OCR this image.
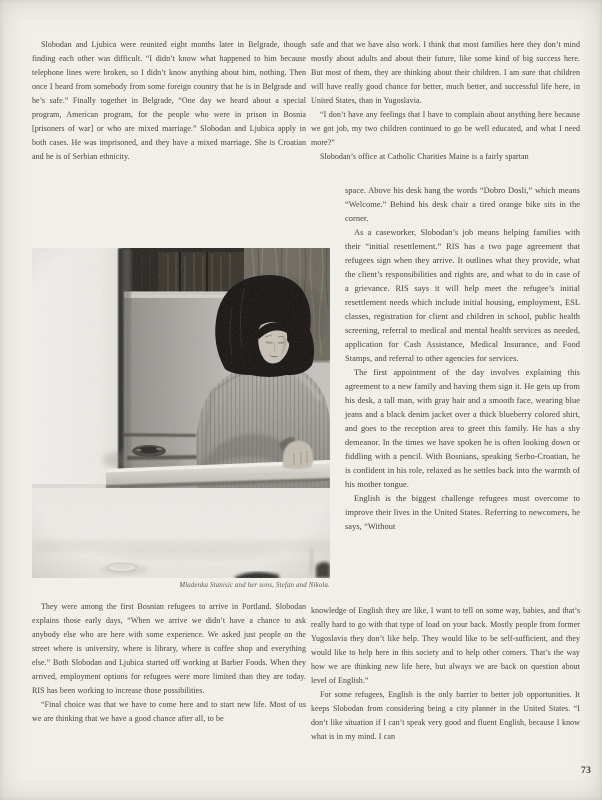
Slobodan and Ljubica were reunited eight months later in Belgrade, though finding each other was difficult. “I didn’t know what happened to him because telephone lines were broken, so I didn’t know anything about him, nothing. Then once I heard from somebody from some foreign country that he is in Belgrade and he’s safe.” Finally together in Belgrade, “One day we heard about a special program, American program, for the people who were in prison in Bosnia [prisoners of war] or who are mixed marriage.” Slobodan and Ljubica apply in both cases. He was imprisoned, and they have a mixed marriage. She is Croatian and he is of Serbian ethnicity.

safe and that we have also work. I think that most families here they don’t mind mostly about adults and about their future, like some kind of big success here. But most of them, they are thinking about their children. I am sure that children will have really good chance for better, much better, and successful life here, in United States, than in Yugoslavia.

“I don’t have any feelings that I have to complain about anything here because we got job, my two children continued to go be well educated, and what I need more?”

Slobodan’s office at Catholic Charities Maine is a fairly spartan

space. Above his desk hang the words “Dobro Dosli,” which means “Welcome.” Behind his desk chair a tired orange bike sits in the corner.

As a caseworker, Slobodan’s job means helping families with their “initial resettlement.” RIS has a two page agreement that refugees sign when they arrive. It outlines what they provide, what the client’s responsibilities and rights are, and what to do in case of a grievance. RIS says it will help meet the refugee’s initial resettlement needs which include initial housing, employment, ESL classes, registration for client and children in school, public health screening, referral to medical and mental health services as needed, application for Cash Assistance, Medical Insurance, and Food Stamps, and referral to other agencies for services.

The first appointment of the day involves explaining this agreement to a new family and having them sign it. He gets up from his desk, a tall man, with gray hair and a smooth face, wearing blue jeans and a black denim jacket over a thick blueberry colored shirt, and goes to the reception area to greet this family. He has a shy demeanor. In the times we have spoken he is often looking down or fiddling with a pencil. With Bosnians, speaking Serbo-Croatian, he is confident in his role, relaxed as he settles back into the warmth of his mother tongue.

English is the biggest challenge refugees must overcome to improve their lives in the United States. Referring to newcomers, he says, “Without

knowledge of English they are like, I want to tell on some way, babies, and that’s really hard to go with that type of load on your back. Mostly people from former Yugoslavia they don’t like help. They would like to be self-sufficient, and they would like to help here in this society and to help other comers. That’s the way how we are thinking new life here, but always we are back on question about level of English.”

For some refugees, English is the only barrier to better job opportunities. It keeps Slobodan from considering being a city planner in the United States. “I don’t like situation if I can’t speak very good and fluent English, because I know what is in my mind. I can

Mladenka Stanisic and her sons, Stefan and Nikola.

They were among the first Bosnian refugees to arrive in Portland. Slobodan explains those early days, “When we arrive we didn’t have a chance to ask anybody else who are here with some experience. We asked just people on the street where is university, where is library, where is coffee shop and everything else.” Both Slobodan and Ljubica started off working at Barber Foods. When they arrived, employment options for refugees were more limited than they are today. RIS has been working to increase those possibilities.

“Final choice was that we have to come here and to start new life. Most of us we are thinking that we have a good chance after all, to be

73
